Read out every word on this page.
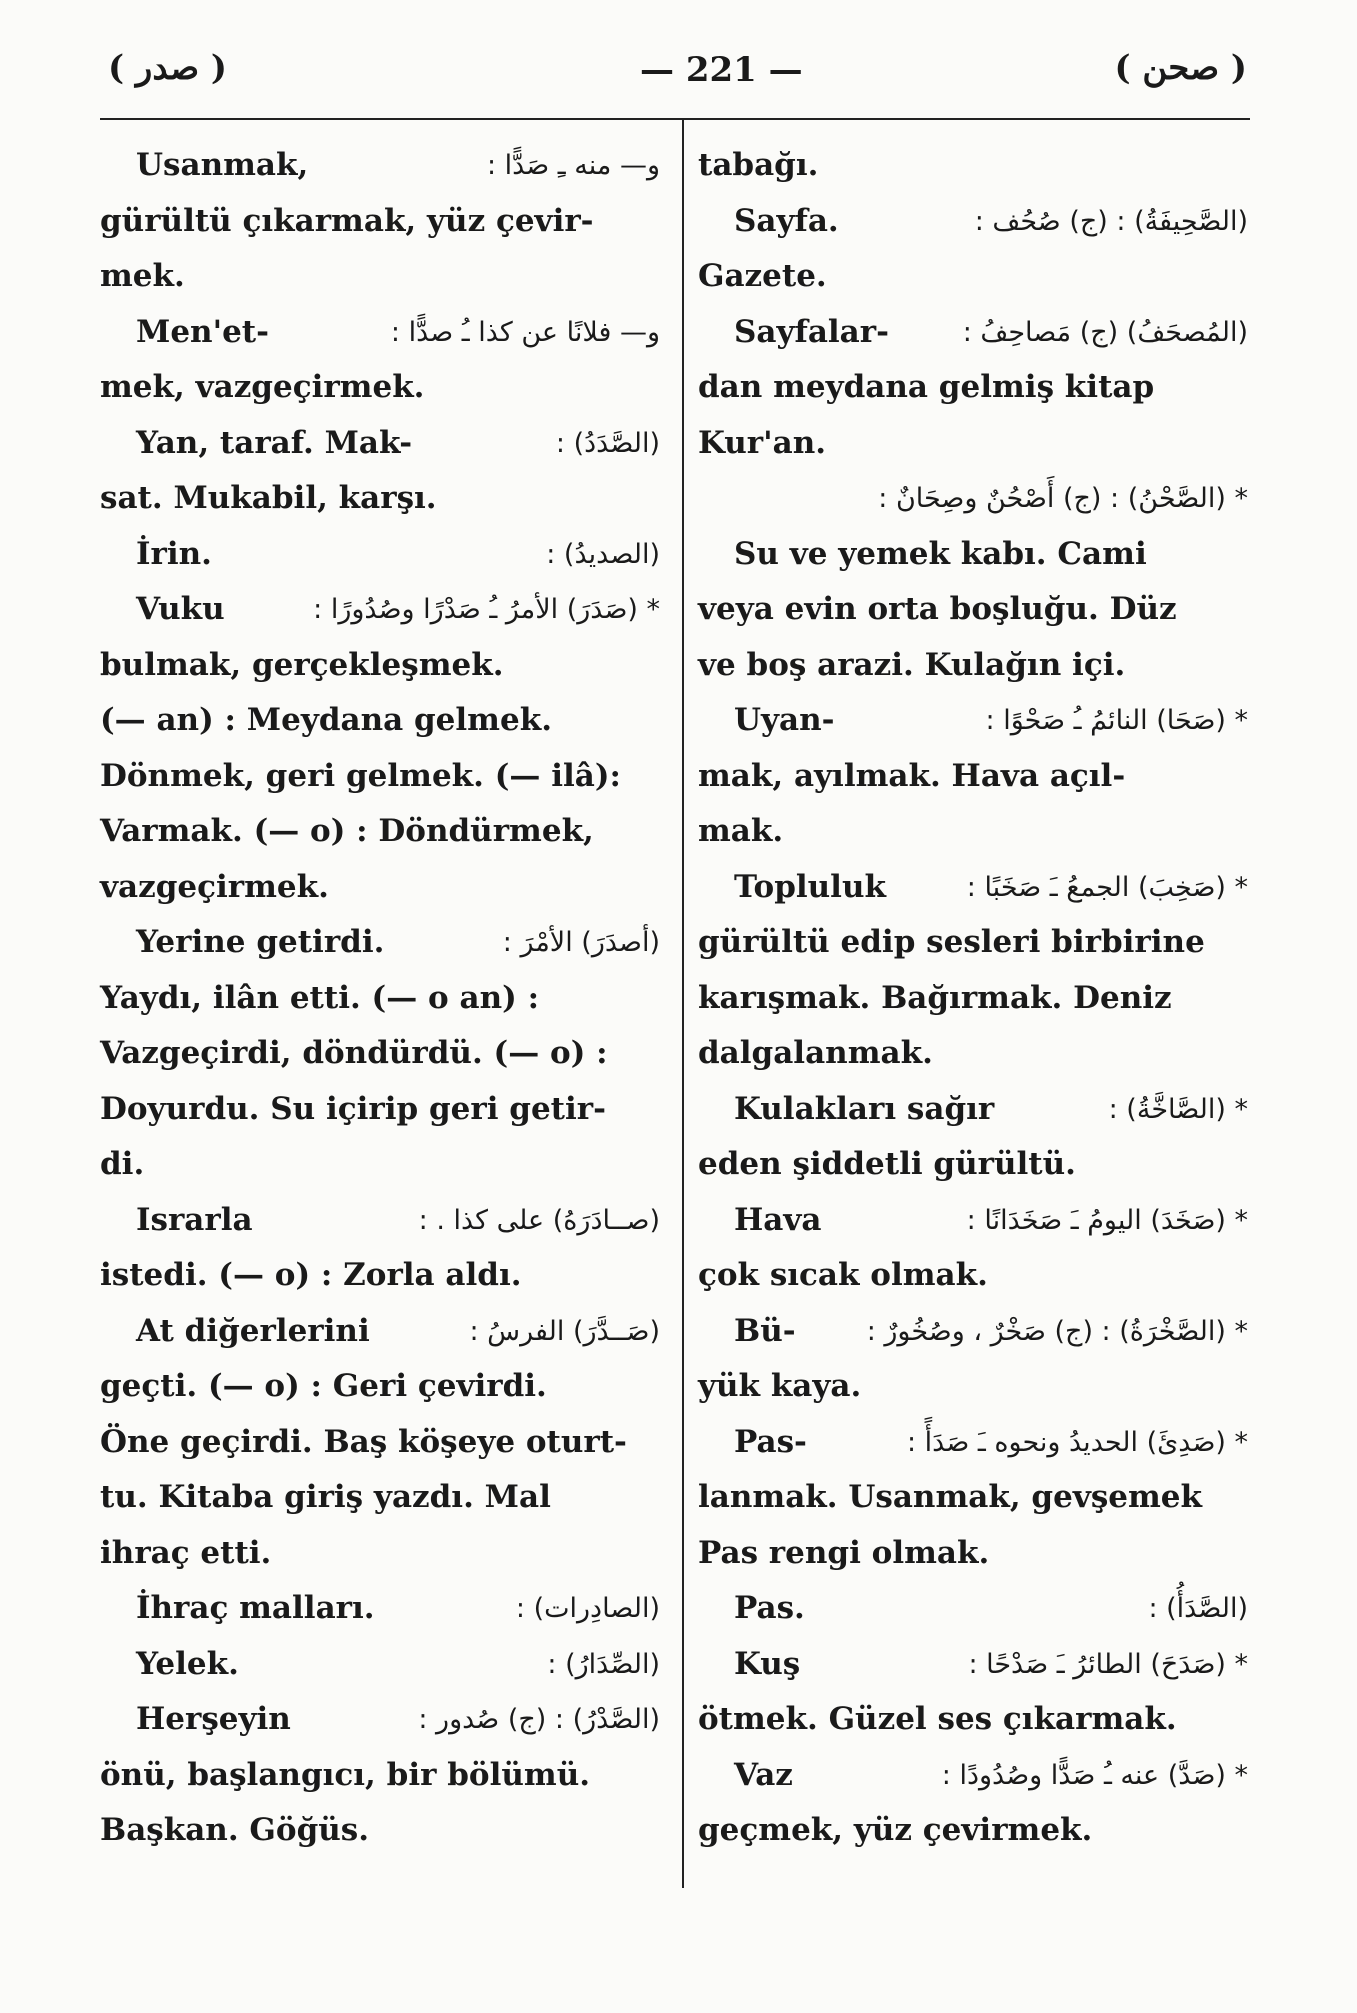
( صدر )	— 221 —	( صحن )
Usanmak,	و— منه ـِ صَدًّا :
gürültü çıkarmak, yüz çevir-
mek.
Men'et-	و— فلانًا عن كذا ـُ صدًّا :
mek, vazgeçirmek.
Yan, taraf. Mak-	(الصَّدَدُ) :
sat. Mukabil, karşı.
İrin.	(الصديدُ) :
Vuku	* (صَدَرَ) الأمرُ ـُ صَدْرًا وصُدُورًا :
bulmak, gerçekleşmek.
(— an) : Meydana gelmek.
Dönmek, geri gelmek. (— ilâ):
Varmak. (— o) : Döndürmek,
vazgeçirmek.
Yerine getirdi.	(أصدَرَ) الأمْرَ :
Yaydı, ilân etti. (— o an) :
Vazgeçirdi, döndürdü. (— o) :
Doyurdu. Su içirip geri getir-
di.
Israrla	(صــادَرَهُ) على كذا . :
istedi. (— o) : Zorla aldı.
At diğerlerini	(صَــدَّرَ) الفرسُ :
geçti. (— o) : Geri çevirdi.
Öne geçirdi. Baş köşeye oturt-
tu. Kitaba giriş yazdı. Mal
ihraç etti.
İhraç malları.	(الصادِرات) :
Yelek.	(الصِّدَارُ) :
Herşeyin	(الصَّدْرُ) : (ج) صُدور :
önü, başlangıcı, bir bölümü.
Başkan. Göğüs.
tabağı.
Sayfa.	(الصَّحِيفَةُ) : (ج) صُحُف :
Gazete.
Sayfalar-	(المُصحَفُ) (ج) مَصاحِفُ :
dan meydana gelmiş kitap
Kur'an.
* (الصَّحْنُ) : (ج) أَصْحُنٌ وصِحَانٌ :
Su ve yemek kabı. Cami
veya evin orta boşluğu. Düz
ve boş arazi. Kulağın içi.
Uyan-	* (صَحَا) النائمُ ـُ صَحْوًا :
mak, ayılmak. Hava açıl-
mak.
Topluluk	* (صَخِبَ) الجمعُ ـَ صَخَبًا :
gürültü edip sesleri birbirine
karışmak. Bağırmak. Deniz
dalgalanmak.
Kulakları sağır	* (الصَّاخَّةُ) :
eden şiddetli gürültü.
Hava	* (صَخَدَ) اليومُ ـَ صَخَدَانًا :
çok sıcak olmak.
Bü-	* (الصَّخْرَةُ) : (ج) صَخْرٌ ، وصُخُورٌ :
yük kaya.
Pas-	* (صَدِئَ) الحديدُ ونحوه ـَ صَدَأً :
lanmak. Usanmak, gevşemek
Pas rengi olmak.
Pas.	(الصَّدَأُ) :
Kuş	* (صَدَحَ) الطائرُ ـَ صَدْحًا :
ötmek. Güzel ses çıkarmak.
Vaz	* (صَدَّ) عنه ـُ صَدًّا وصُدُودًا :
geçmek, yüz çevirmek.
